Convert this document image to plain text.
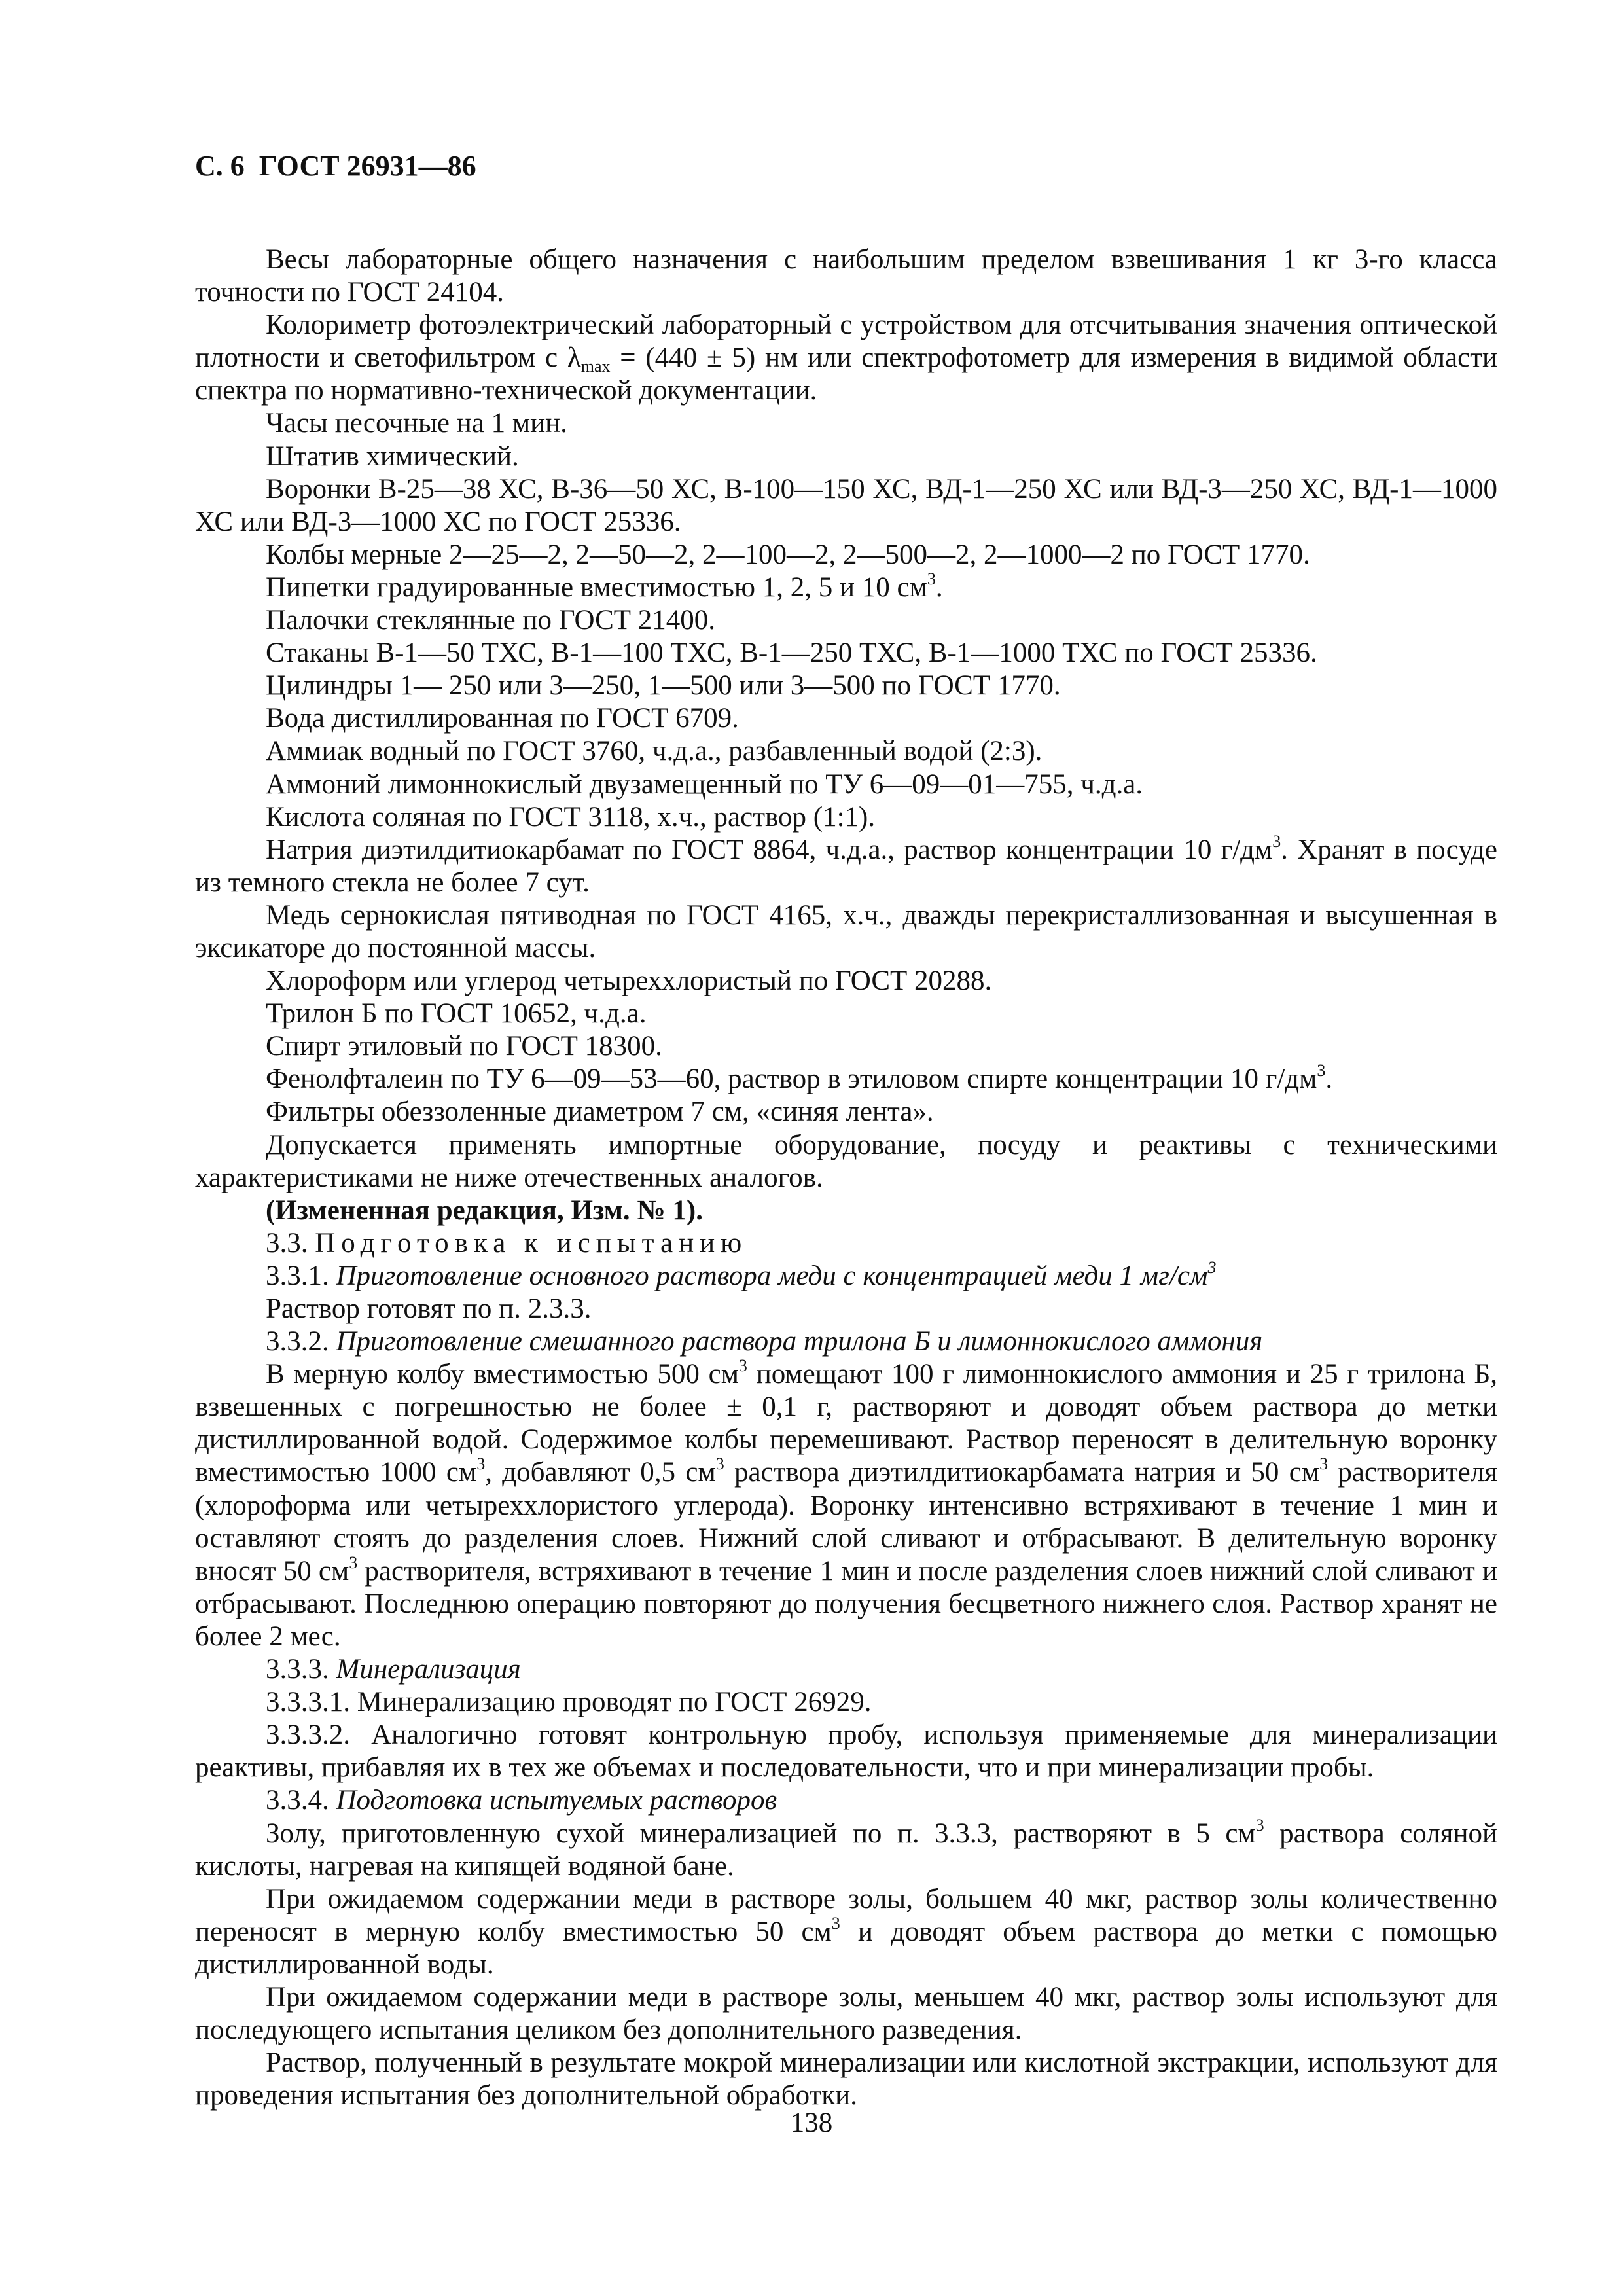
С. 6 ГОСТ 26931—86

Весы лабораторные общего назначения с наибольшим пределом взвешивания 1 кг 3-го класса точности по ГОСТ 24104.

Колориметр фотоэлектрический лабораторный с устройством для отсчитывания значения оптической плотности и светофильтром с $\lambda_{max} = (440 \pm 5)$ нм или спектрофотометр для измерения в видимой области спектра по нормативно-технической документации.

Часы песочные на 1 мин.

Штатив химический.

Воронки В-25—38 ХС, В-36—50 ХС, В-100—150 ХС, ВД-1—250 ХС или ВД-3—250 ХС, ВД-1—1000 ХС или ВД-3—1000 ХС по ГОСТ 25336.

Колбы мерные 2—25—2, 2—50—2, 2—100—2, 2—500—2, 2—1000—2 по ГОСТ 1770.

Пипетки градуированные вместимостью 1, 2, 5 и 10 $см^3$.

Палочки стеклянные по ГОСТ 21400.

Стаканы В-1—50 ТХС, В-1—100 ТХС, В-1—250 ТХС, В-1—1000 ТХС по ГОСТ 25336.

Цилиндры 1— 250 или 3—250, 1—500 или 3—500 по ГОСТ 1770.

Вода дистиллированная по ГОСТ 6709.

Аммиак водный по ГОСТ 3760, ч.д.а., разбавленный водой (2:3).

Аммоний лимоннокислый двузамещенный по ТУ 6—09—01—755, ч.д.а.

Кислота соляная по ГОСТ 3118, х.ч., раствор (1:1).

Натрия диэтилдитиокарбамат по ГОСТ 8864, ч.д.а., раствор концентрации 10 $г/дм^3$. Хранят в посуде из темного стекла не более 7 сут.

Медь сернокислая пятиводная по ГОСТ 4165, х.ч., дважды перекристаллизованная и высушенная в эксикаторе до постоянной массы.

Хлороформ или углерод четыреххлористый по ГОСТ 20288.

Трилон Б по ГОСТ 10652, ч.д.а.

Спирт этиловый по ГОСТ 18300.

Фенолфталеин по ТУ 6—09—53—60, раствор в этиловом спирте концентрации 10 $г/дм^3$.

Фильтры обеззоленные диаметром 7 см, «синяя лента».

Допускается применять импортные оборудование, посуду и реактивы с техническими характеристиками не ниже отечественных аналогов.

(Измененная редакция, Изм. № 1).

3.3. Подготовка к испытанию

3.3.1. Приготовление основного раствора меди с концентрацией меди 1 $мг/см^3$

Раствор готовят по п. 2.3.3.

3.3.2. Приготовление смешанного раствора трилона Б и лимоннокислого аммония

В мерную колбу вместимостью 500 $см^3$ помещают 100 г лимоннокислого аммония и 25 г трилона Б, взвешенных с погрешностью не более ± 0,1 г, растворяют и доводят объем раствора до метки дистиллированной водой. Содержимое колбы перемешивают. Раствор переносят в делительную воронку вместимостью 1000 $см^3$, добавляют 0,5 $см^3$ раствора диэтилдитиокарбамата натрия и 50 $см^3$ растворителя (хлороформа или четыреххлористого углерода). Воронку интенсивно встряхивают в течение 1 мин и оставляют стоять до разделения слоев. Нижний слой сливают и отбрасывают. В делительную воронку вносят 50 $см^3$ растворителя, встряхивают в течение 1 мин и после разделения слоев нижний слой сливают и отбрасывают. Последнюю операцию повторяют до получения бесцветного нижнего слоя. Раствор хранят не более 2 мес.

3.3.3. Минерализация

3.3.3.1. Минерализацию проводят по ГОСТ 26929.

3.3.3.2. Аналогично готовят контрольную пробу, используя применяемые для минерализации реактивы, прибавляя их в тех же объемах и последовательности, что и при минерализации пробы.

3.3.4. Подготовка испытуемых растворов

Золу, приготовленную сухой минерализацией по п. 3.3.3, растворяют в 5 $см^3$ раствора соляной кислоты, нагревая на кипящей водяной бане.

При ожидаемом содержании меди в растворе золы, большем 40 мкг, раствор золы количественно переносят в мерную колбу вместимостью 50 $см^3$ и доводят объем раствора до метки с помощью дистиллированной воды.

При ожидаемом содержании меди в растворе золы, меньшем 40 мкг, раствор золы используют для последующего испытания целиком без дополнительного разведения.

Раствор, полученный в результате мокрой минерализации или кислотной экстракции, используют для проведения испытания без дополнительной обработки.

138
